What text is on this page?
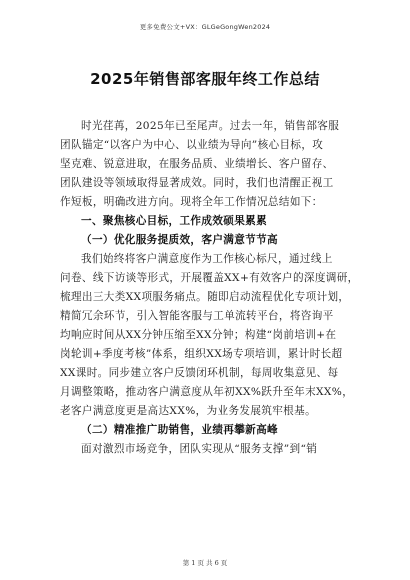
更多免费公文+VX：GLGeGongWen2024
2025年销售部客服年终工作总结
时光荏苒，2025年已至尾声。过去一年，销售部客服
团队锚定“以客户为中心、以业绩为导向”核心目标，攻
坚克难、锐意进取，在服务品质、业绩增长、客户留存、
团队建设等领域取得显著成效。同时，我们也清醒正视工
作短板，明确改进方向。现将全年工作情况总结如下：
一、聚焦核心目标，工作成效硕果累累
（一）优化服务提质效，客户满意节节高
我们始终将客户满意度作为工作核心标尺，通过线上
问卷、线下访谈等形式，开展覆盖XX+有效客户的深度调研，
梳理出三大类XX项服务痛点。随即启动流程优化专项计划，
精简冗余环节，引入智能客服与工单流转平台，将咨询平
均响应时间从XX分钟压缩至XX分钟；构建“岗前培训+在
岗轮训+季度考核”体系，组织XX场专项培训，累计时长超
XX课时。同步建立客户反馈闭环机制，每周收集意见、每
月调整策略，推动客户满意度从年初XX%跃升至年末XX%，
老客户满意度更是高达XX%，为业务发展筑牢根基。
（二）精准推广助销售，业绩再攀新高峰
面对激烈市场竞争，团队实现从“服务支撑”到“销
第 1 页 共 6 页
